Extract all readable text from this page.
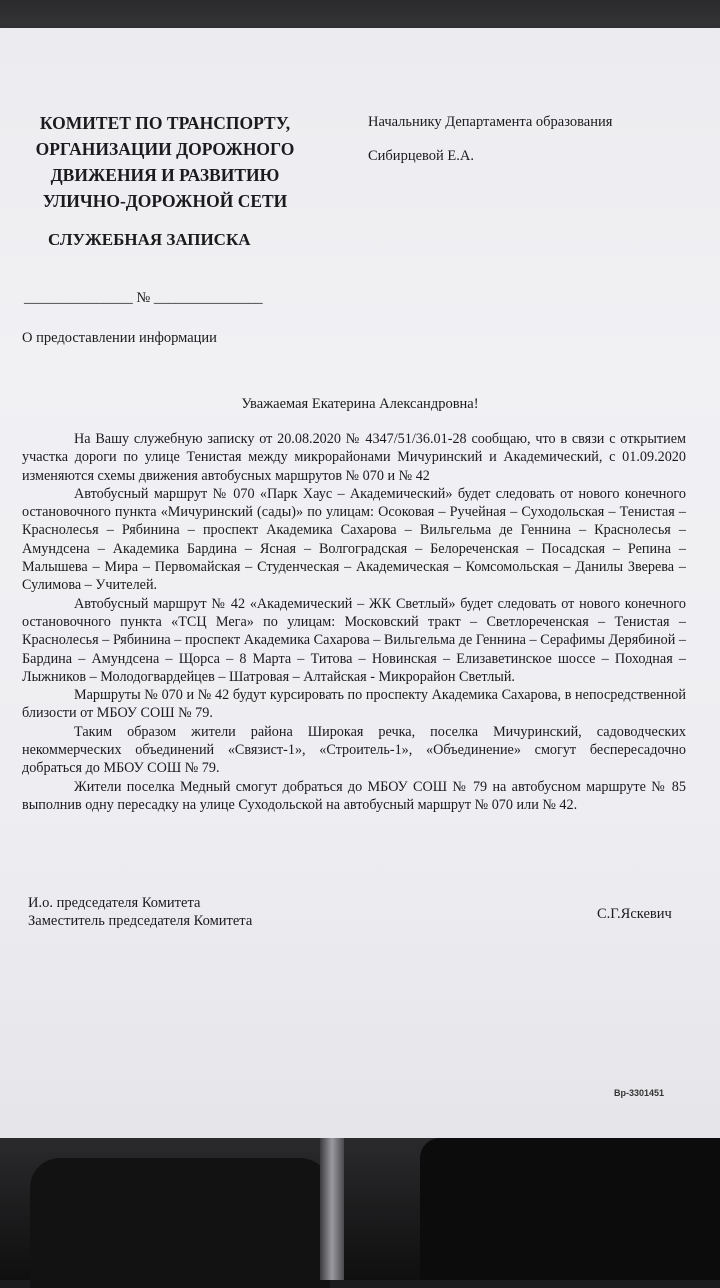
КОМИТЕТ ПО ТРАНСПОРТУ,
ОРГАНИЗАЦИИ ДОРОЖНОГО
ДВИЖЕНИЯ И РАЗВИТИЮ
УЛИЧНО-ДОРОЖНОЙ СЕТИ
Начальнику Департамента образования
Сибирцевой Е.А.
СЛУЖЕБНАЯ ЗАПИСКА
_______________ № _______________
О предоставлении информации
Уважаемая Екатерина Александровна!

На Вашу служебную записку от 20.08.2020 № 4347/51/36.01-28 сообщаю, что в связи с открытием участка дороги по улице Тенистая между микрорайонами Мичуринский и Академический, с 01.09.2020 изменяются схемы движения автобусных маршрутов № 070 и № 42

Автобусный маршрут № 070 «Парк Хаус – Академический» будет следовать от нового конечного остановочного пункта «Мичуринский (сады)» по улицам: Осоковая – Ручейная – Суходольская – Тенистая – Краснолесья – Рябинина – проспект Академика Сахарова – Вильгельма де Геннина – Краснолесья – Амундсена – Академика Бардина – Ясная – Волгоградская – Белореченская – Посадская – Репина – Малышева – Мира – Первомайская – Студенческая – Академическая – Комсомольская – Данилы Зверева – Сулимова – Учителей.

Автобусный маршрут № 42 «Академический – ЖК Светлый» будет следовать от нового конечного остановочного пункта «ТСЦ Мега» по улицам: Московский тракт – Светлореченская – Тенистая – Краснолесья – Рябинина – проспект Академика Сахарова – Вильгельма де Геннина – Серафимы Дерябиной – Бардина – Амундсена – Щорса – 8 Марта – Титова – Новинская – Елизаветинское шоссе – Походная – Лыжников – Молодогвардейцев – Шатровая – Алтайская - Микрорайон Светлый.

Маршруты № 070 и № 42 будут курсировать по проспекту Академика Сахарова, в непосредственной близости от МБОУ СОШ № 79.

Таким образом жители района Широкая речка, поселка Мичуринский, садоводческих некоммерческих объединений «Связист-1», «Строитель-1», «Объединение» смогут беспересадочно добраться до МБОУ СОШ № 79.

Жители поселка Медный смогут добраться до МБОУ СОШ № 79 на автобусном маршруте № 85 выполнив одну пересадку на улице Суходольской на автобусный маршрут № 070 или № 42.

И.о. председателя Комитета
Заместитель председателя Комитета	С.Г.Яскевич
Вр-3301451
